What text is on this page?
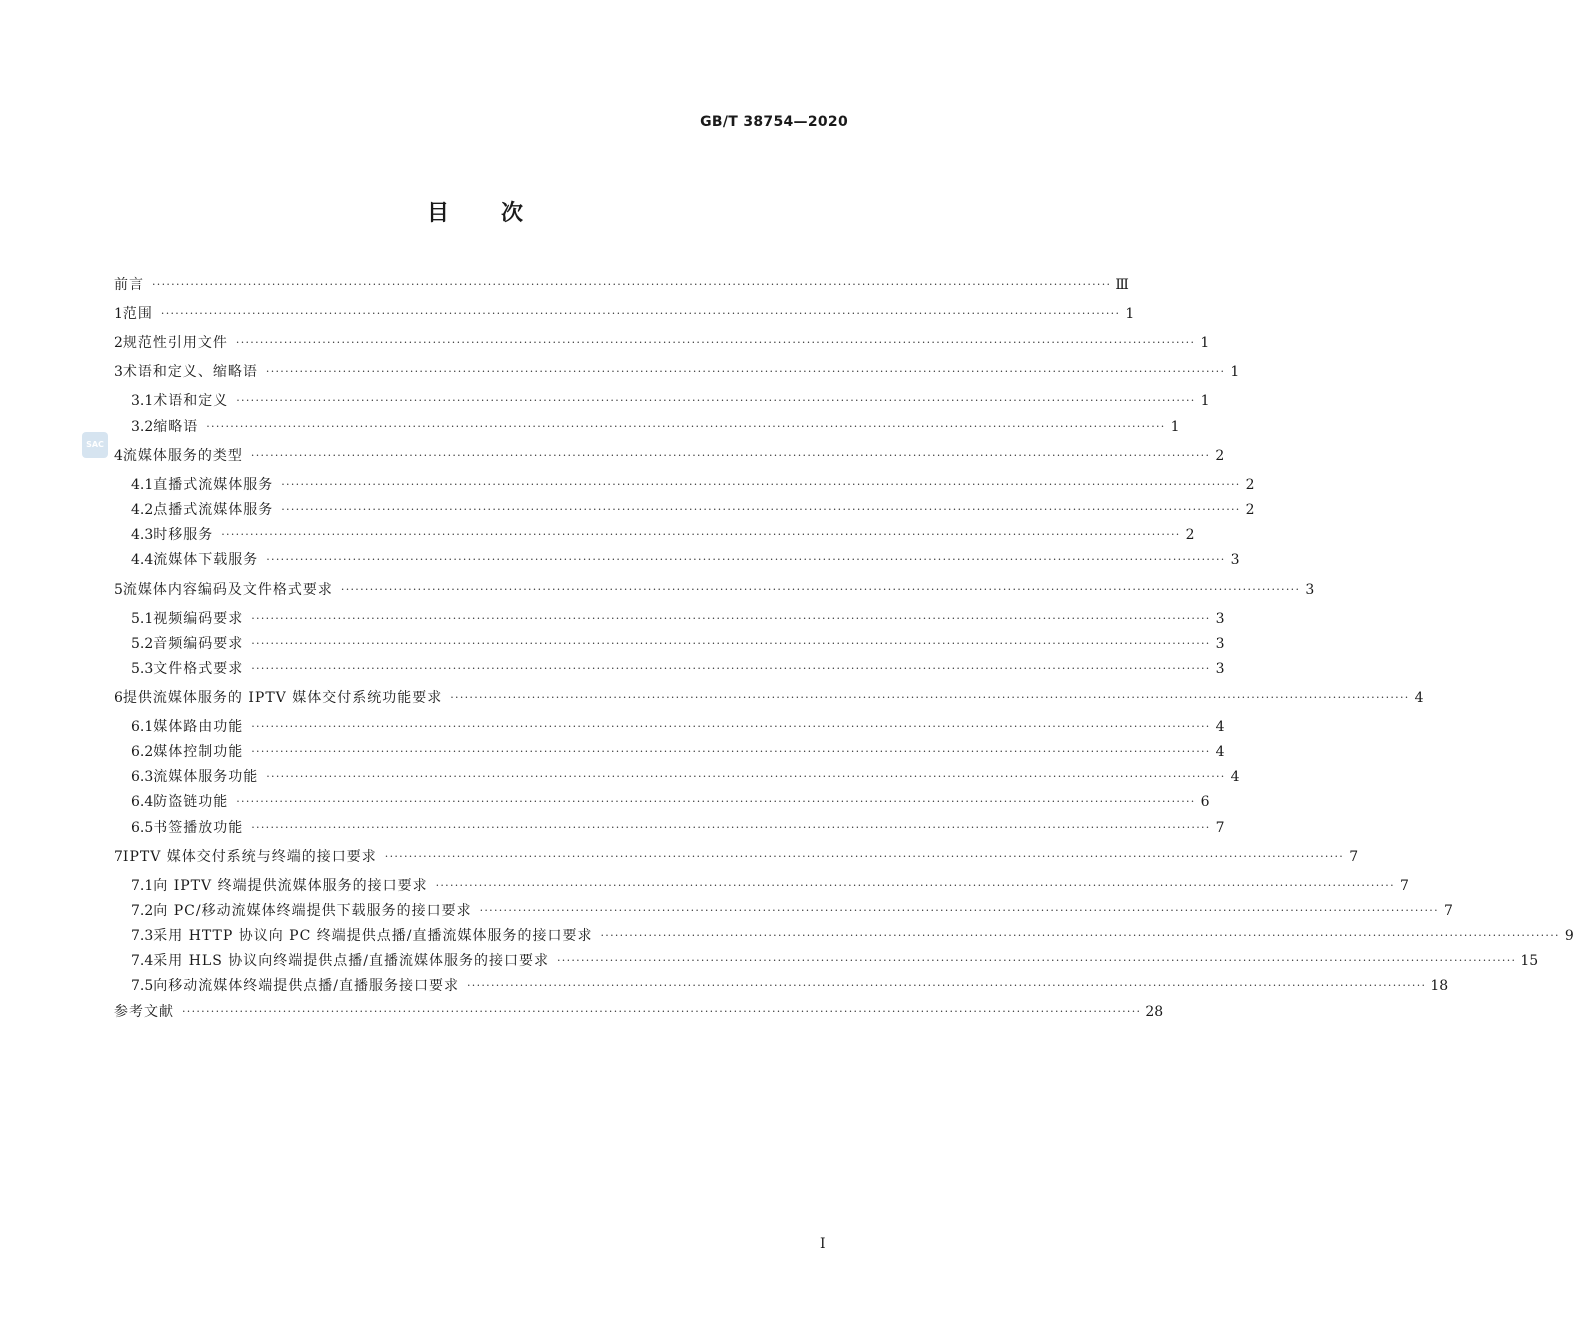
GB/T 38754—2020
目 次
SAC
前言 ········································································································································································································ Ⅲ
1 范围 ········································································································································································································ 1
2 规范性引用文件 ········································································································································································································ 1
3 术语和定义、缩略语 ········································································································································································································ 1
3.1 术语和定义 ········································································································································································································ 1
3.2 缩略语 ········································································································································································································ 1
4 流媒体服务的类型 ········································································································································································································ 2
4.1 直播式流媒体服务 ········································································································································································································ 2
4.2 点播式流媒体服务 ········································································································································································································ 2
4.3 时移服务 ········································································································································································································ 2
4.4 流媒体下载服务 ········································································································································································································ 3
5 流媒体内容编码及文件格式要求 ········································································································································································································ 3
5.1 视频编码要求 ········································································································································································································ 3
5.2 音频编码要求 ········································································································································································································ 3
5.3 文件格式要求 ········································································································································································································ 3
6 提供流媒体服务的 IPTV 媒体交付系统功能要求 ········································································································································································································ 4
6.1 媒体路由功能 ········································································································································································································ 4
6.2 媒体控制功能 ········································································································································································································ 4
6.3 流媒体服务功能 ········································································································································································································ 4
6.4 防盗链功能 ········································································································································································································ 6
6.5 书签播放功能 ········································································································································································································ 7
7 IPTV 媒体交付系统与终端的接口要求 ········································································································································································································ 7
7.1 向 IPTV 终端提供流媒体服务的接口要求 ········································································································································································································ 7
7.2 向 PC/移动流媒体终端提供下载服务的接口要求 ········································································································································································································ 7
7.3 采用 HTTP 协议向 PC 终端提供点播/直播流媒体服务的接口要求 ········································································································································································································ 9
7.4 采用 HLS 协议向终端提供点播/直播流媒体服务的接口要求 ········································································································································································································ 15
7.5 向移动流媒体终端提供点播/直播服务接口要求 ········································································································································································································ 18
参考文献 ········································································································································································································ 28
I
